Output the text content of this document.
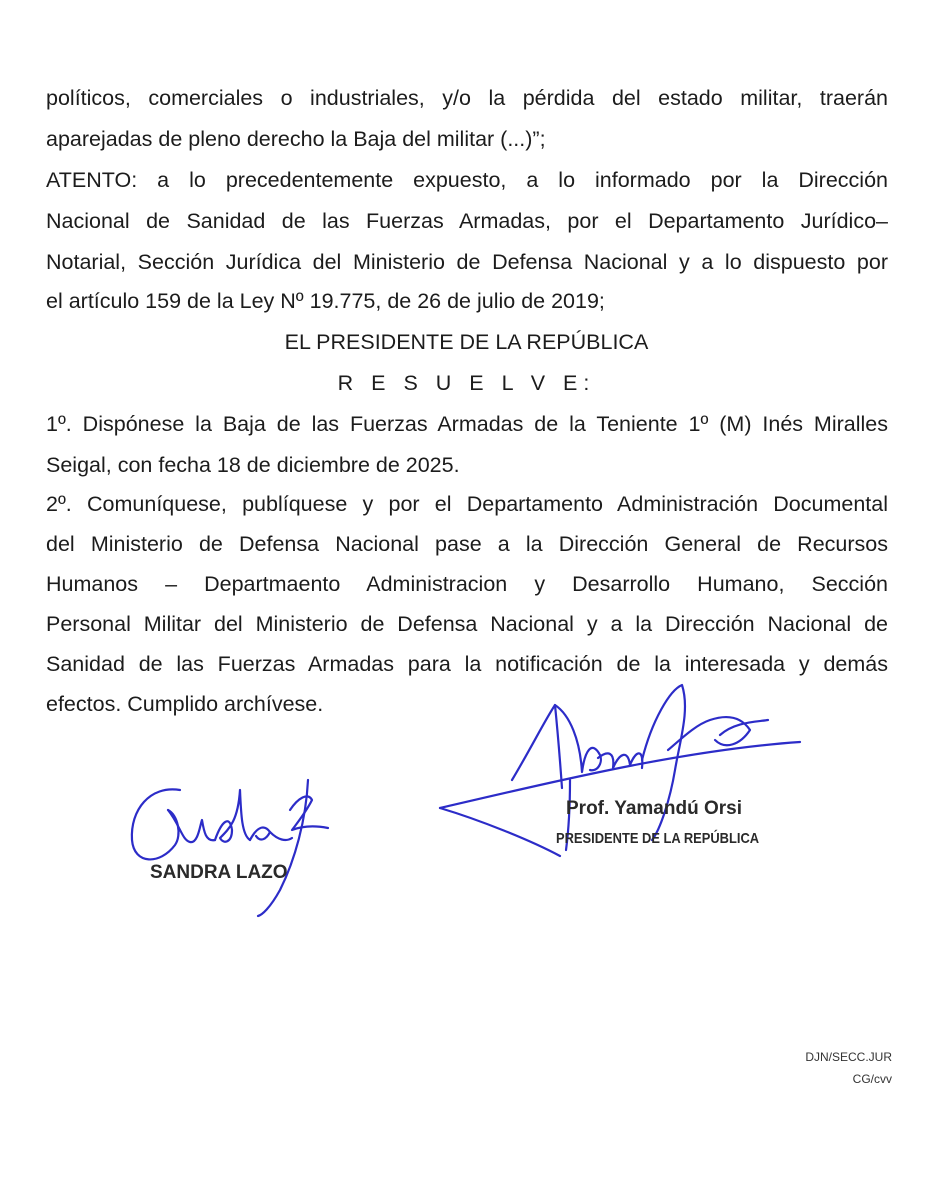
políticos, comerciales o industriales, y/o la pérdida del estado militar, traerán
aparejadas de pleno derecho la Baja del militar (...)”;
ATENTO: a lo precedentemente expuesto, a lo informado por la Dirección
Nacional de Sanidad de las Fuerzas Armadas, por el Departamento Jurídico–
Notarial, Sección Jurídica del Ministerio de Defensa Nacional y a lo dispuesto por
el artículo 159 de la Ley Nº 19.775, de 26 de julio de 2019;
EL PRESIDENTE DE LA REPÚBLICA
R E S U E L V E:
1º. Dispónese la Baja de las Fuerzas Armadas de la Teniente 1º (M) Inés Miralles
Seigal, con fecha 18 de diciembre de 2025.
2º. Comuníquese, publíquese y por el Departamento Administración Documental
del Ministerio de Defensa Nacional pase a la Dirección General de Recursos
Humanos – Departmaento Administracion y Desarrollo Humano, Sección
Personal Militar del Ministerio de Defensa Nacional y a la Dirección Nacional de
Sanidad de las Fuerzas Armadas para la notificación de la interesada y demás
efectos. Cumplido archívese.
Prof. Yamandú Orsi
PRESIDENTE DE LA REPÚBLICA
SANDRA LAZO
DJN/SECC.JUR
CG/cvv
